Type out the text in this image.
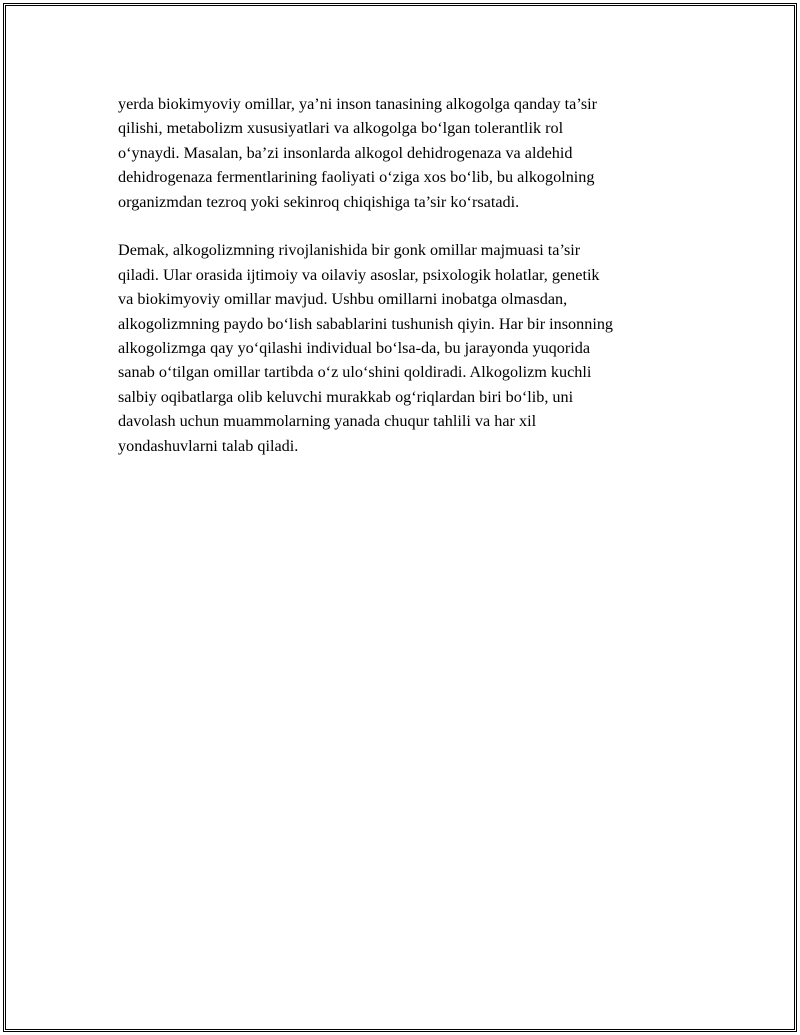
yerda biokimyoviy omillar, ya’ni inson tanasining alkogolga qanday ta’sir
qilishi, metabolizm xususiyatlari va alkogolga bo‘lgan tolerantlik rol
o‘ynaydi. Masalan, ba’zi insonlarda alkogol dehidrogenaza va aldehid
dehidrogenaza fermentlarining faoliyati o‘ziga xos bo‘lib, bu alkogolning
organizmdan tezroq yoki sekinroq chiqishiga ta’sir ko‘rsatadi.

Demak, alkogolizmning rivojlanishida bir gonk omillar majmuasi ta’sir
qiladi. Ular orasida ijtimoiy va oilaviy asoslar, psixologik holatlar, genetik
va biokimyoviy omillar mavjud. Ushbu omillarni inobatga olmasdan,
alkogolizmning paydo bo‘lish sabablarini tushunish qiyin. Har bir insonning
alkogolizmga qay yo‘qilashi individual bo‘lsa-da, bu jarayonda yuqorida
sanab o‘tilgan omillar tartibda o‘z ulo‘shini qoldiradi. Alkogolizm kuchli
salbiy oqibatlarga olib keluvchi murakkab og‘riqlardan biri bo‘lib, uni
davolash uchun muammolarning yanada chuqur tahlili va har xil
yondashuvlarni talab qiladi.
